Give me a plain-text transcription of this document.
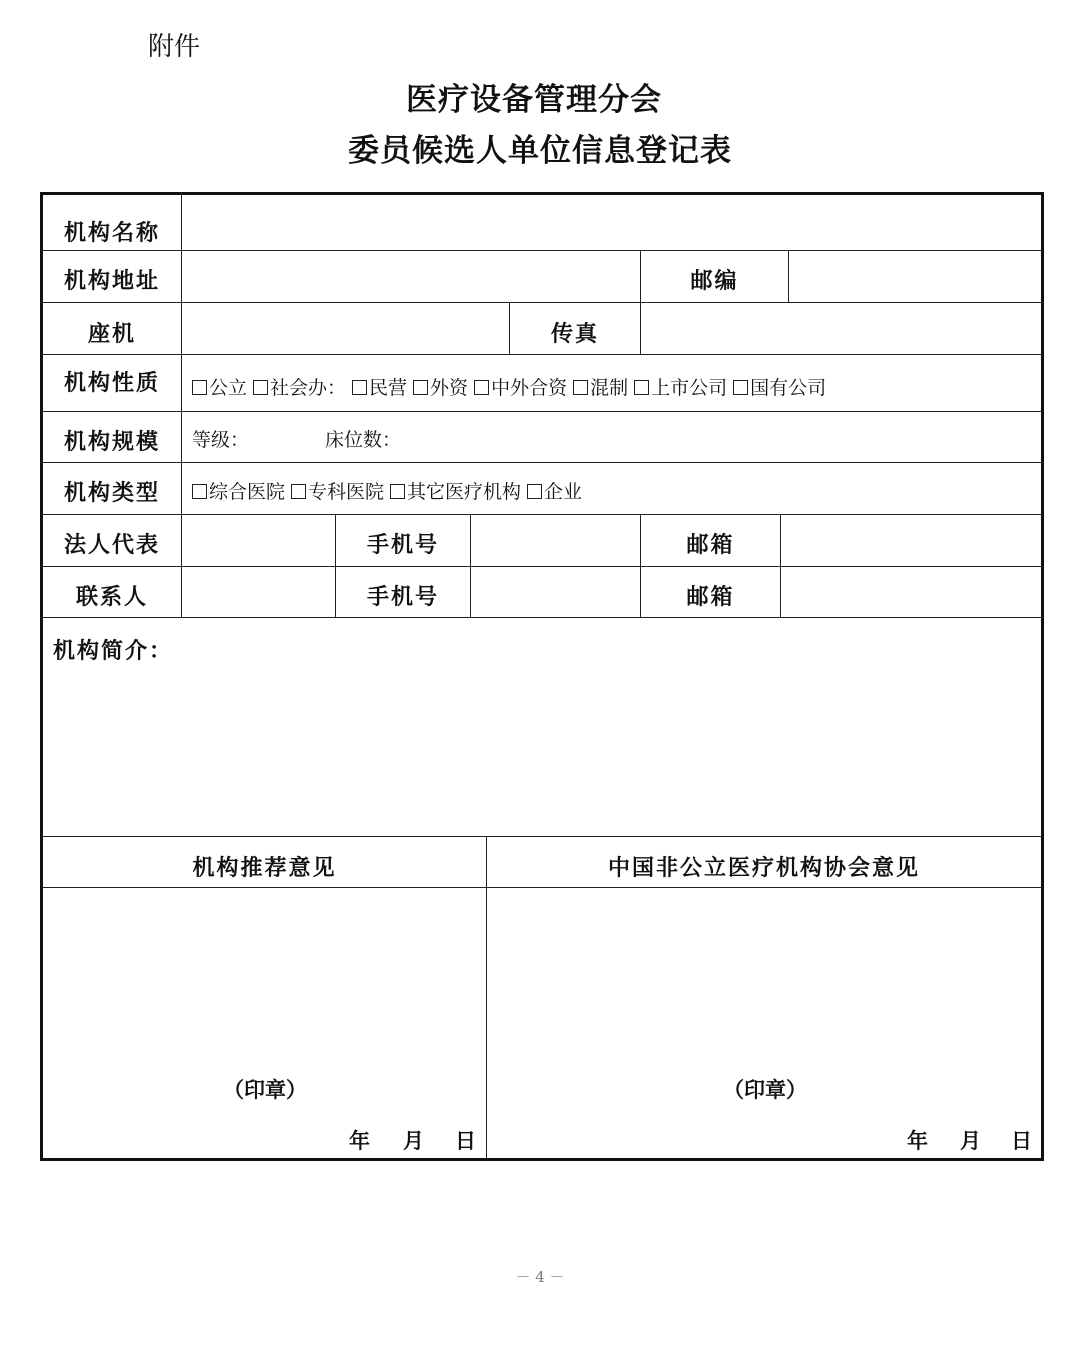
附件
医疗设备管理分会
委员候选人单位信息登记表
机构名称
机构地址	邮编
座机	传真
机构性质	公立	社会办：	民营	外资	中外合资	混制	上市公司	国有公司
机构规模	等级：	床位数：
机构类型	综合医院	专科医院	其它医疗机构	企业
法人代表	手机号	邮箱
联系人	手机号	邮箱
机构简介：
机构推荐意见	中国非公立医疗机构协会意见
（印章）
年 月 日
（印章）
年 月 日
－ 4 －
